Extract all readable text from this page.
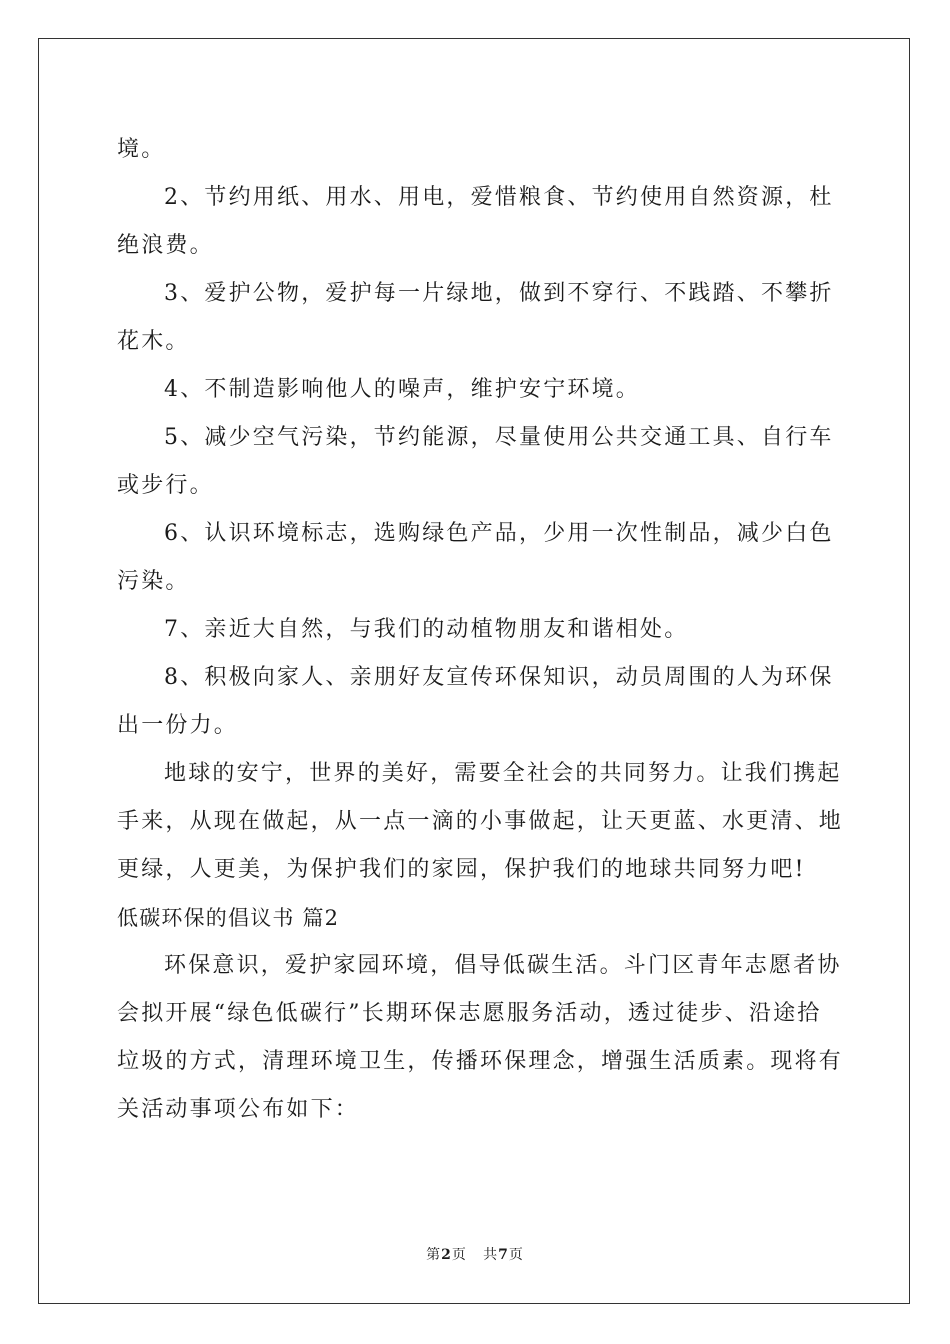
境。
2、节约用纸、用水、用电，爱惜粮食、节约使用自然资源，杜
绝浪费。
3、爱护公物，爱护每一片绿地，做到不穿行、不践踏、不攀折
花木。
4、不制造影响他人的噪声，维护安宁环境。
5、减少空气污染，节约能源，尽量使用公共交通工具、自行车
或步行。
6、认识环境标志，选购绿色产品，少用一次性制品，减少白色
污染。
7、亲近大自然，与我们的动植物朋友和谐相处。
8、积极向家人、亲朋好友宣传环保知识，动员周围的人为环保
出一份力。
地球的安宁，世界的美好，需要全社会的共同努力。让我们携起
手来，从现在做起，从一点一滴的小事做起，让天更蓝、水更清、地
更绿，人更美，为保护我们的家园，保护我们的地球共同努力吧!
低碳环保的倡议书 篇2
环保意识，爱护家园环境，倡导低碳生活。斗门区青年志愿者协
会拟开展“绿色低碳行”长期环保志愿服务活动，透过徒步、沿途拾
垃圾的方式，清理环境卫生，传播环保理念，增强生活质素。现将有
关活动事项公布如下：
第2页   共7页
